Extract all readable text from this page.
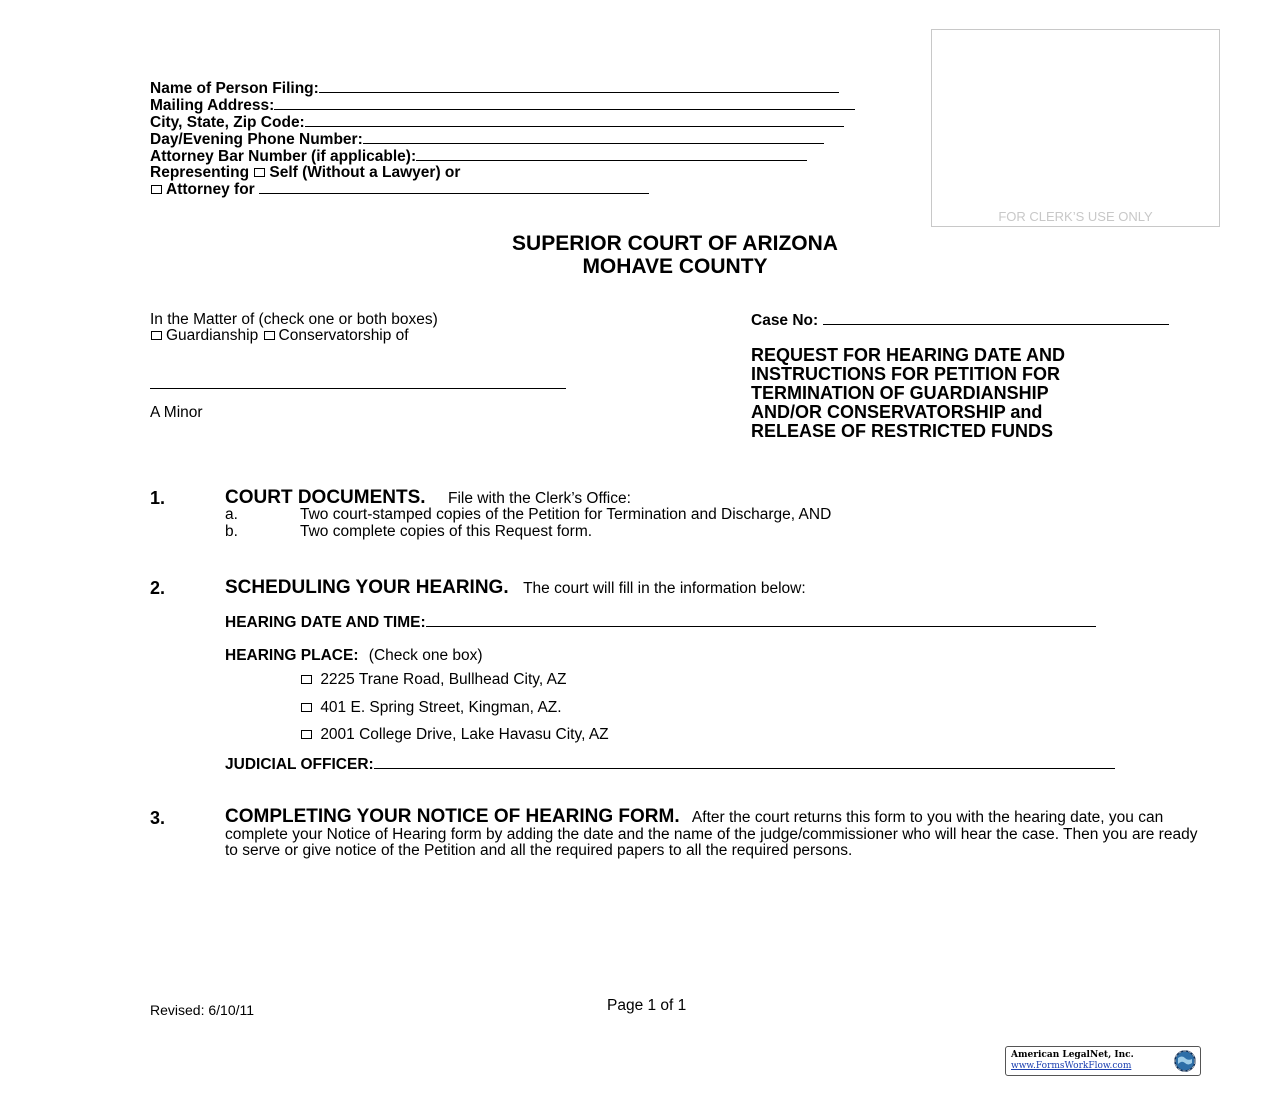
Name of Person Filing:
Mailing Address:
City, State, Zip Code:
Day/Evening Phone Number:
Attorney Bar Number (if applicable):
Representing Self (Without a Lawyer) or
Attorney for
FOR CLERK’S USE ONLY
SUPERIOR COURT OF ARIZONA
MOHAVE COUNTY
In the Matter of (check one or both boxes)
Guardianship Conservatorship of
A Minor
Case No:
REQUEST FOR HEARING DATE AND
INSTRUCTIONS FOR PETITION FOR
TERMINATION OF GUARDIANSHIP
AND/OR CONSERVATORSHIP and
RELEASE OF RESTRICTED FUNDS
1.	COURT DOCUMENTS. File with the Clerk’s Office:
a.	Two court-stamped copies of the Petition for Termination and Discharge, AND
b.	Two complete copies of this Request form.
2.	SCHEDULING YOUR HEARING. The court will fill in the information below:
HEARING DATE AND TIME:
HEARING PLACE: (Check one box)
2225 Trane Road, Bullhead City, AZ
401 E. Spring Street, Kingman, AZ.
2001 College Drive, Lake Havasu City, AZ
JUDICIAL OFFICER:
3.	COMPLETING YOUR NOTICE OF HEARING FORM. After the court returns this form to you with the hearing date, you can complete your Notice of Hearing form by adding the date and the name of the judge/commissioner who will hear the case. Then you are ready to serve or give notice of the Petition and all the required papers to all the required persons.
Revised: 6/10/11	Page 1 of 1
American LegalNet, Inc.
www.FormsWorkFlow.com
